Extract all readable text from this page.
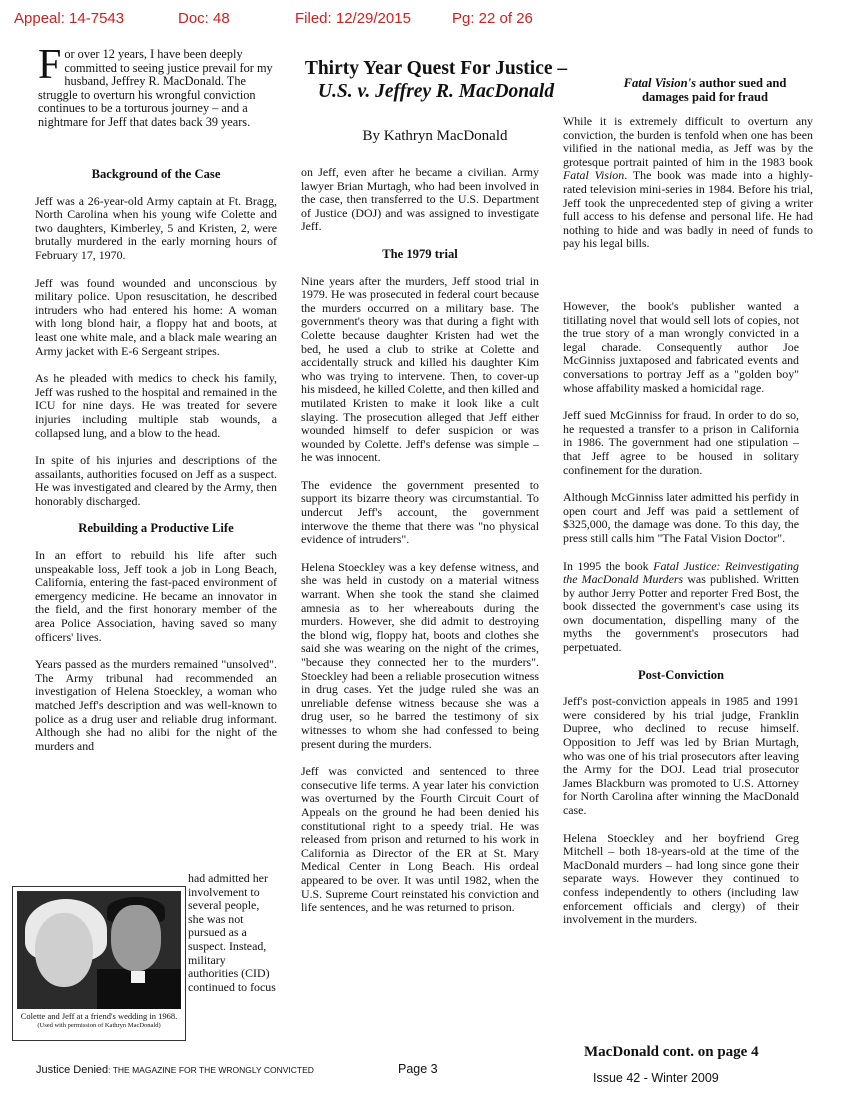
Appeal: 14-7543	Doc: 48	Filed: 12/29/2015	Pg: 22 of 26
For over 12 years, I have been deeply committed to seeing justice prevail for my husband, Jeffrey R. MacDonald. The struggle to overturn his wrongful conviction continues to be a torturous journey – and a nightmare for Jeff that dates back 39 years.
Thirty Year Quest For Justice –
U.S. v. Jeffrey R. MacDonald
By Kathryn MacDonald
Fatal Vision's author sued and damages paid for fraud
While it is extremely difficult to overturn any conviction, the burden is tenfold when one has been vilified in the national media, as Jeff was by the grotesque portrait painted of him in the 1983 book Fatal Vision. The book was made into a highly-rated television mini-series in 1984. Before his trial, Jeff took the unprecedented step of giving a writer full access to his defense and personal life. He had nothing to hide and was badly in need of funds to pay his legal bills.
Background of the Case

Jeff was a 26-year-old Army captain at Ft. Bragg, North Carolina when his young wife Colette and two daughters, Kimberley, 5 and Kristen, 2, were brutally murdered in the early morning hours of February 17, 1970.

Jeff was found wounded and unconscious by military police. Upon resuscitation, he described intruders who had entered his home: A woman with long blond hair, a floppy hat and boots, at least one white male, and a black male wearing an Army jacket with E-6 Sergeant stripes.

As he pleaded with medics to check his family, Jeff was rushed to the hospital and remained in the ICU for nine days. He was treated for severe injuries including multiple stab wounds, a collapsed lung, and a blow to the head.

In spite of his injuries and descriptions of the assailants, authorities focused on Jeff as a suspect. He was investigated and cleared by the Army, then honorably discharged.

Rebuilding a Productive Life

In an effort to rebuild his life after such unspeakable loss, Jeff took a job in Long Beach, California, entering the fast-paced environment of emergency medicine. He became an innovator in the field, and the first honorary member of the area Police Association, having saved so many officers' lives.

Years passed as the murders remained "unsolved". The Army tribunal had recommended an investigation of Helena Stoeckley, a woman who matched Jeff's description and was well-known to police as a drug user and reliable drug informant. Although she had no alibi for the night of the murders and

Colette and Jeff at a friend's wedding in 1968.
(Used with permission of Kathryn MacDonald)
had admitted her involvement to several people, she was not pursued as a suspect. Instead, military authorities (CID) continued to focus

on Jeff, even after he became a civilian. Army lawyer Brian Murtagh, who had been involved in the case, then transferred to the U.S. Department of Justice (DOJ) and was assigned to investigate Jeff.

The 1979 trial

Nine years after the murders, Jeff stood trial in 1979. He was prosecuted in federal court because the murders occurred on a military base. The government's theory was that during a fight with Colette because daughter Kristen had wet the bed, he used a club to strike at Colette and accidentally struck and killed his daughter Kim who was trying to intervene. Then, to cover-up his misdeed, he killed Colette, and then killed and mutilated Kristen to make it look like a cult slaying. The prosecution alleged that Jeff either wounded himself to defer suspicion or was wounded by Colette. Jeff's defense was simple – he was innocent.

The evidence the government presented to support its bizarre theory was circumstantial. To undercut Jeff's account, the government interwove the theme that there was "no physical evidence of intruders".

Helena Stoeckley was a key defense witness, and she was held in custody on a material witness warrant. When she took the stand she claimed amnesia as to her whereabouts during the murders. However, she did admit to destroying the blond wig, floppy hat, boots and clothes she said she was wearing on the night of the crimes, "because they connected her to the murders". Stoeckley had been a reliable prosecution witness in drug cases. Yet the judge ruled she was an unreliable defense witness because she was a drug user, so he barred the testimony of six witnesses to whom she had confessed to being present during the murders.

Jeff was convicted and sentenced to three consecutive life terms. A year later his conviction was overturned by the Fourth Circuit Court of Appeals on the ground he had been denied his constitutional right to a speedy trial. He was released from prison and returned to his work in California as Director of the ER at St. Mary Medical Center in Long Beach. His ordeal appeared to be over. It was until 1982, when the U.S. Supreme Court reinstated his conviction and life sentences, and he was returned to prison.

However, the book's publisher wanted a titillating novel that would sell lots of copies, not the true story of a man wrongly convicted in a legal charade. Consequently author Joe McGinniss juxtaposed and fabricated events and conversations to portray Jeff as a "golden boy" whose affability masked a homicidal rage.

Jeff sued McGinniss for fraud. In order to do so, he requested a transfer to a prison in California in 1986. The government had one stipulation – that Jeff agree to be housed in solitary confinement for the duration.

Although McGinniss later admitted his perfidy in open court and Jeff was paid a settlement of $325,000, the damage was done. To this day, the press still calls him "The Fatal Vision Doctor".

In 1995 the book Fatal Justice: Reinvestigating the MacDonald Murders was published. Written by author Jerry Potter and reporter Fred Bost, the book dissected the government's case using its own documentation, dispelling many of the myths the government's prosecutors had perpetuated.

Post-Conviction

Jeff's post-conviction appeals in 1985 and 1991 were considered by his trial judge, Franklin Dupree, who declined to recuse himself. Opposition to Jeff was led by Brian Murtagh, who was one of his trial prosecutors after leaving the Army for the DOJ. Lead trial prosecutor James Blackburn was promoted to U.S. Attorney for North Carolina after winning the MacDonald case.

Helena Stoeckley and her boyfriend Greg Mitchell – both 18-years-old at the time of the MacDonald murders – had long since gone their separate ways. However they continued to confess independently to others (including law enforcement officials and clergy) of their involvement in the murders.

MacDonald cont. on page 4
Justice Denied: THE MAGAZINE FOR THE WRONGLY CONVICTED	Page 3
Issue 42 - Winter 2009
